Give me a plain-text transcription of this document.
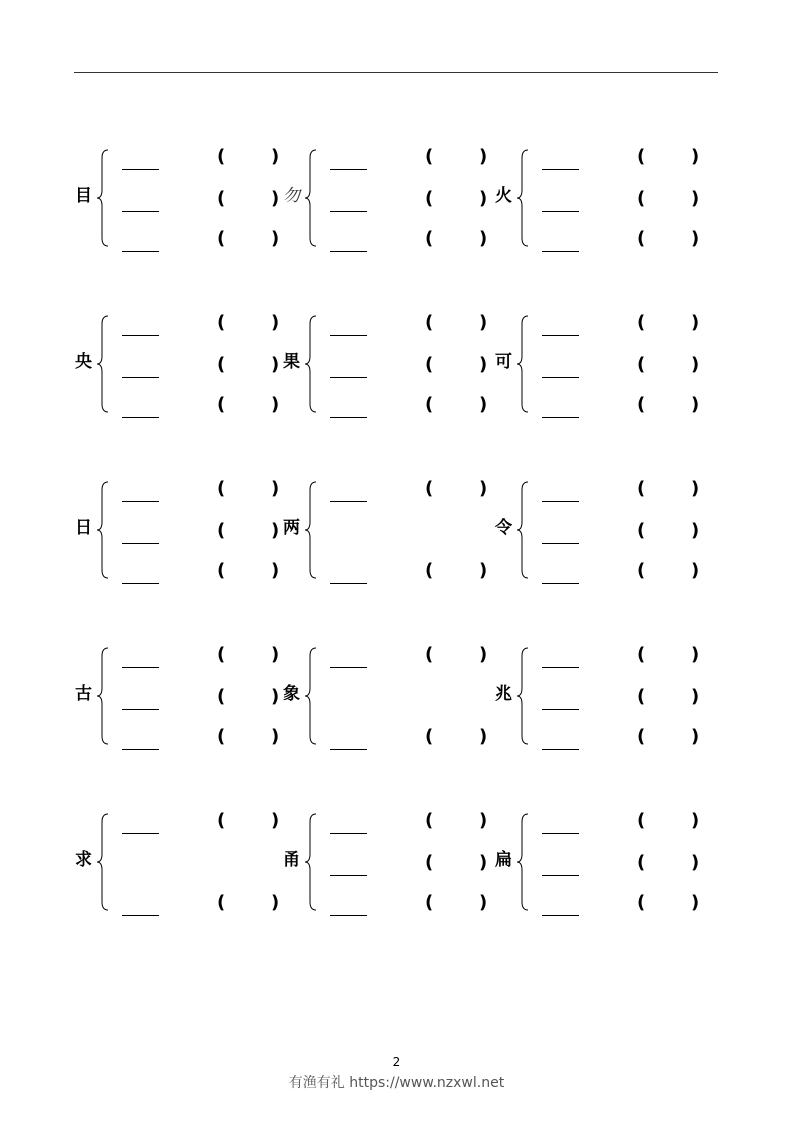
目
(	)
(	)
(	)
勿
(	)
(	)
(	)
火
(	)
(	)
(	)
央
(	)
(	)
(	)
果
(	)
(	)
(	)
可
(	)
(	)
(	)
日
(	)
(	)
(	)
两
(	)
(	)
令
(	)
(	)
(	)
古
(	)
(	)
(	)
象
(	)
(	)
兆
(	)
(	)
(	)
求
(	)
(	)
甬
(	)
(	)
(	)
扁
(	)
(	)
(	)
2
有渔有礼 https://www.nzxwl.net
